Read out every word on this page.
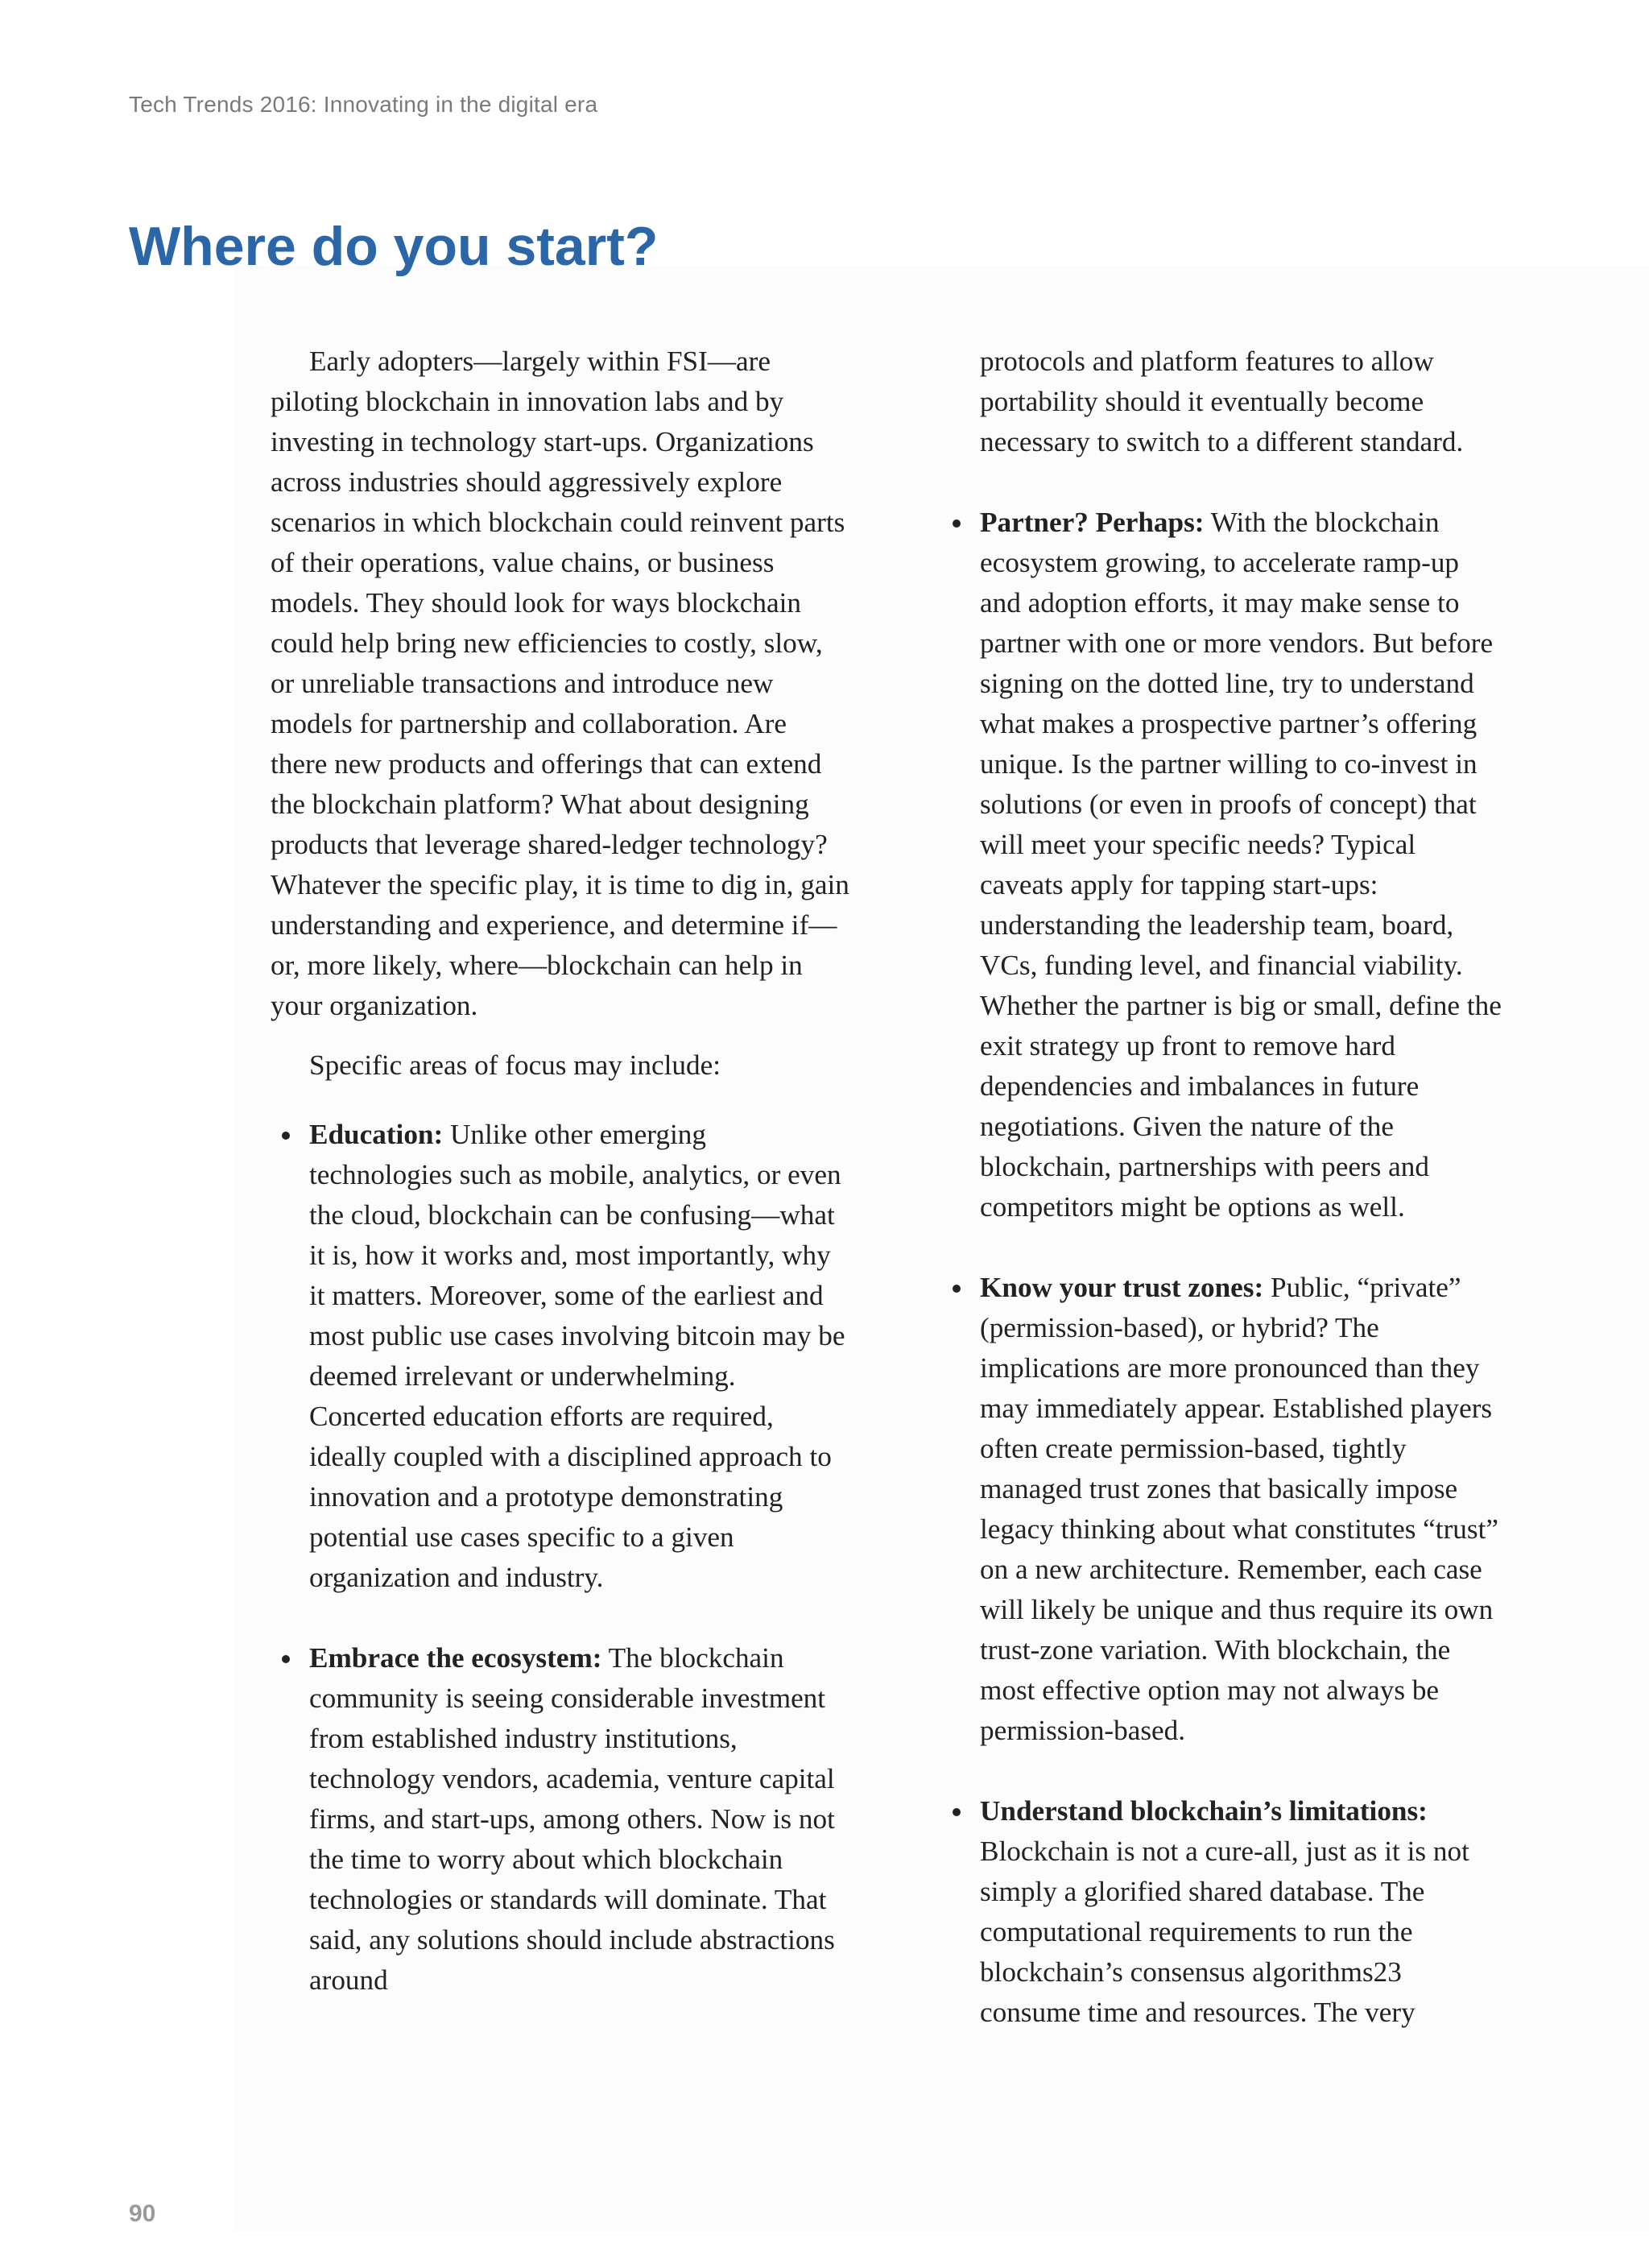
Tech Trends 2016: Innovating in the digital era
Where do you start?

Early adopters—largely within FSI—are piloting blockchain in innovation labs and by investing in technology start-ups. Organizations across industries should aggressively explore scenarios in which blockchain could reinvent parts of their operations, value chains, or business models. They should look for ways blockchain could help bring new efficiencies to costly, slow, or unreliable transactions and introduce new models for partnership and collaboration. Are there new products and offerings that can extend the blockchain platform? What about designing products that leverage shared-ledger technology? Whatever the specific play, it is time to dig in, gain understanding and experience, and determine if—or, more likely, where—blockchain can help in your organization.

Specific areas of focus may include:

Education: Unlike other emerging technologies such as mobile, analytics, or even the cloud, blockchain can be confusing—what it is, how it works and, most importantly, why it matters. Moreover, some of the earliest and most public use cases involving bitcoin may be deemed irrelevant or underwhelming. Concerted education efforts are required, ideally coupled with a disciplined approach to innovation and a prototype demonstrating potential use cases specific to a given organization and industry.
Embrace the ecosystem: The blockchain community is seeing considerable investment from established industry institutions, technology vendors, academia, venture capital firms, and start-ups, among others. Now is not the time to worry about which blockchain technologies or standards will dominate. That said, any solutions should include abstractions around
protocols and platform features to allow portability should it eventually become necessary to switch to a different standard.
Partner? Perhaps: With the blockchain ecosystem growing, to accelerate ramp-up and adoption efforts, it may make sense to partner with one or more vendors. But before signing on the dotted line, try to understand what makes a prospective partner’s offering unique. Is the partner willing to co-invest in solutions (or even in proofs of concept) that will meet your specific needs? Typical caveats apply for tapping start-ups: understanding the leadership team, board, VCs, funding level, and financial viability. Whether the partner is big or small, define the exit strategy up front to remove hard dependencies and imbalances in future negotiations. Given the nature of the blockchain, partnerships with peers and competitors might be options as well.
Know your trust zones: Public, “private” (permission-based), or hybrid? The implications are more pronounced than they may immediately appear. Established players often create permission-based, tightly managed trust zones that basically impose legacy thinking about what constitutes “trust” on a new architecture. Remember, each case will likely be unique and thus require its own trust-zone variation. With blockchain, the most effective option may not always be permission-based.
Understand blockchain’s limitations: Blockchain is not a cure-all, just as it is not simply a glorified shared database. The computational requirements to run the blockchain’s consensus algorithms23 consume time and resources. The very
90
